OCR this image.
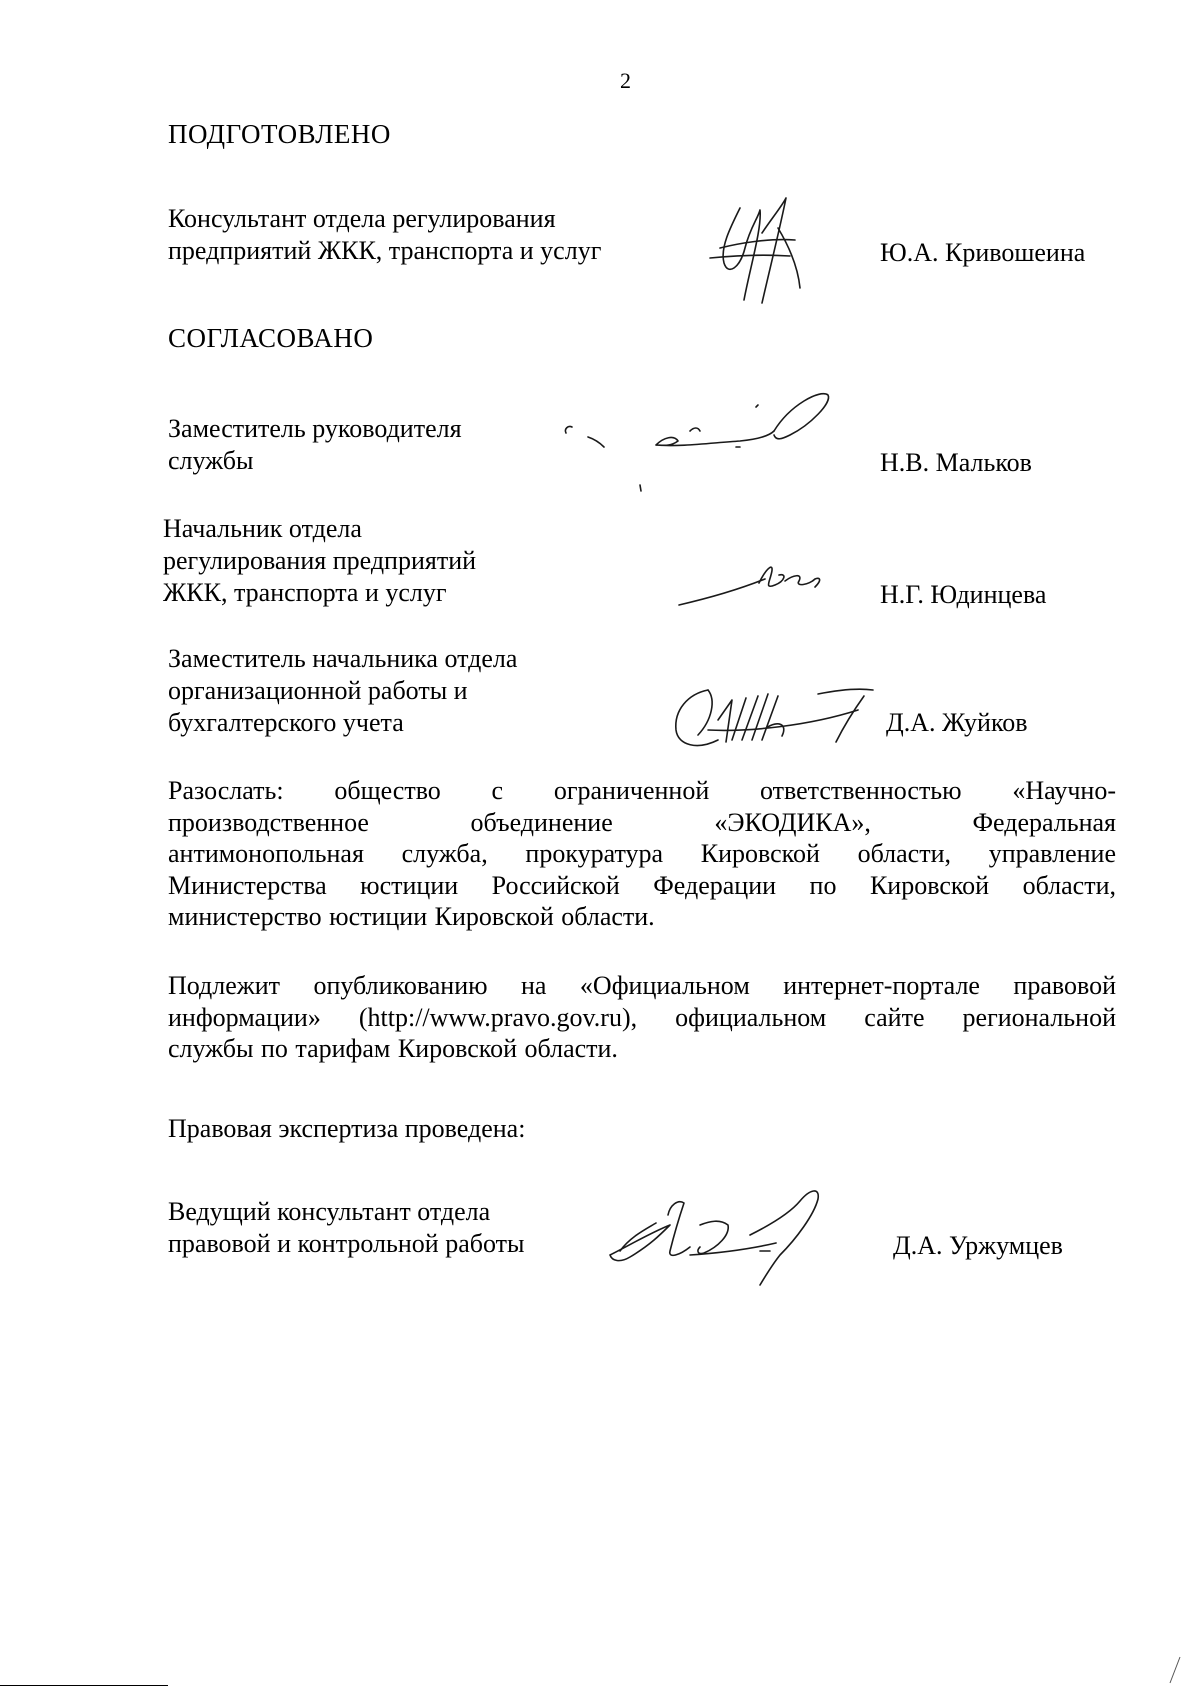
2
ПОДГОТОВЛЕНО
Консультант отдела регулирования
предприятий ЖКК, транспорта и услуг	Ю.А. Кривошеина
СОГЛАСОВАНО
Заместитель руководителя
службы	Н.В. Мальков
Начальник отдела
регулирования предприятий
ЖКК, транспорта и услуг	Н.Г. Юдинцева
Заместитель начальника отдела
организационной работы и
бухгалтерского учета	Д.А. Жуйков
Разослать: общество с ограниченной ответственностью «Научно-
производственное объединение «ЭКОДИКА», Федеральная
антимонопольная служба, прокуратура Кировской области, управление
Министерства юстиции Российской Федерации по Кировской области,
министерство юстиции Кировской области.
Подлежит опубликованию на «Официальном интернет-портале правовой
информации» (http://www.pravo.gov.ru), официальном сайте региональной
службы по тарифам Кировской области.
Правовая экспертиза проведена:
Ведущий консультант отдела
правовой и контрольной работы	Д.А. Уржумцев
